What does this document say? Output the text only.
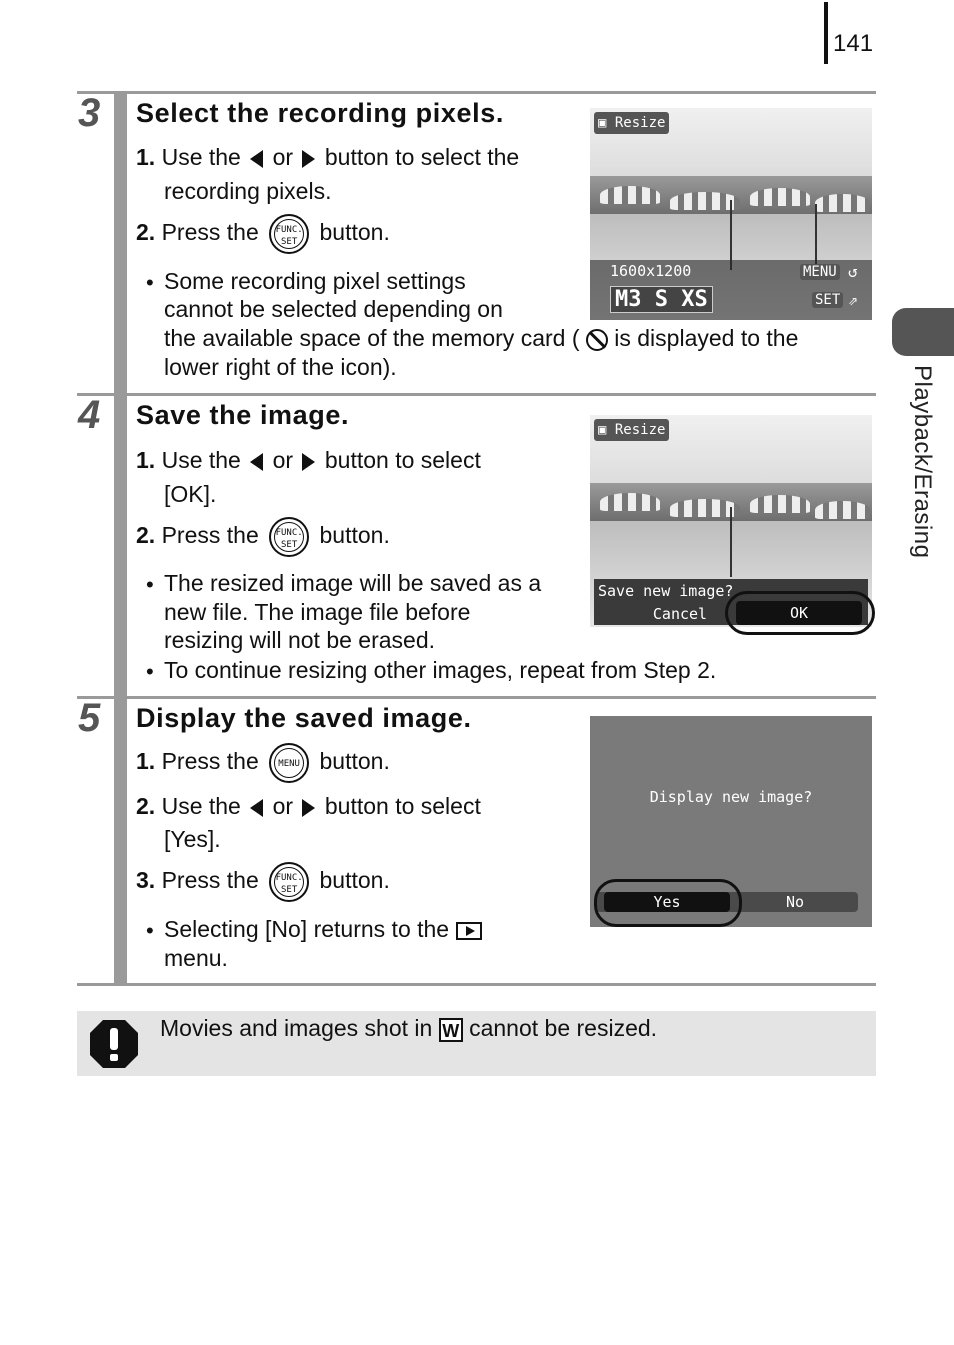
141
Playback/Erasing
3 Select the recording pixels.
1. Use the or button to select the
recording pixels.
2. Press the	FUNC.
SET button.
• Some recording pixel settings
cannot be selected depending on
the available space of the memory card ( is displayed to the
lower right of the icon).
▣ Resize
1600x1200
M3 S XS
MENU ↺
SET ⇗
4 Save the image.
1. Use the or button to select
[OK].
2. Press the	FUNC.
SET button.
• The resized image will be saved as a
new file. The image file before
resizing will not be erased.
• To continue resizing other images, repeat from Step 2.
▣ Resize
Save new image?
Cancel	OK
5 Display the saved image.
1. Press the	MENU button.
2. Use the or button to select
[Yes].
3. Press the	FUNC.
SET button.
• Selecting [No] returns to the
menu.
Display new image?
Yes	No
Movies and images shot in W cannot be resized.
